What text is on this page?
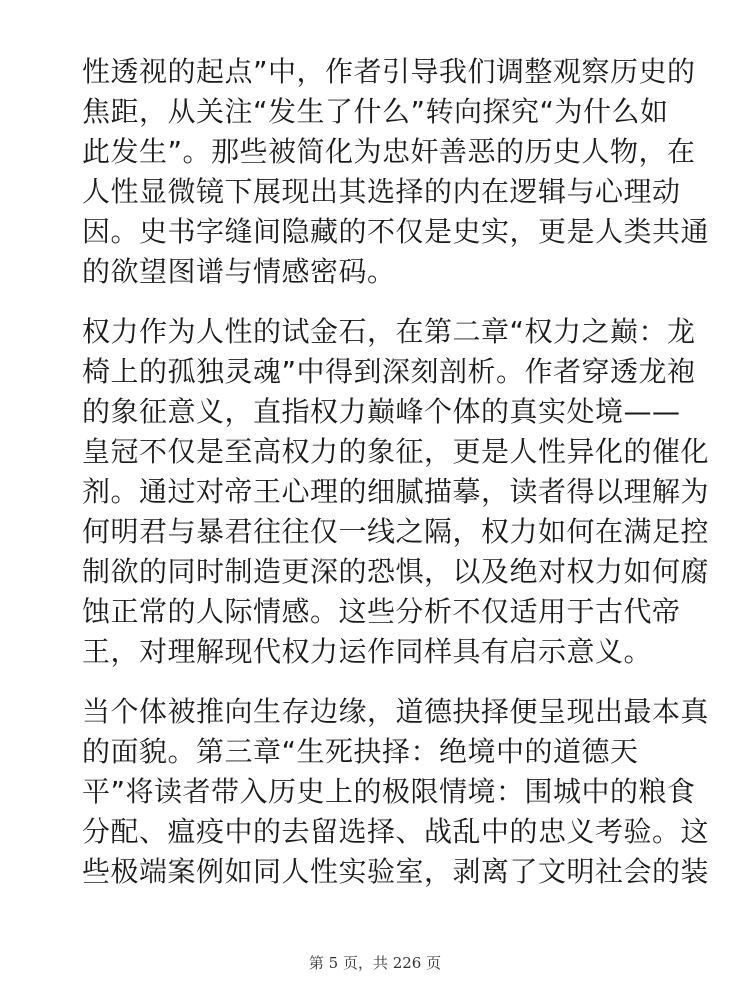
性透视的起点”中，作者引导我们调整观察历史的
焦距，从关注“发生了什么”转向探究“为什么如
此发生”。那些被简化为忠奸善恶的历史人物，在
人性显微镜下展现出其选择的内在逻辑与心理动
因。史书字缝间隐藏的不仅是史实，更是人类共通
的欲望图谱与情感密码。
权力作为人性的试金石，在第二章“权力之巅：龙
椅上的孤独灵魂”中得到深刻剖析。作者穿透龙袍
的象征意义，直指权力巅峰个体的真实处境——
皇冠不仅是至高权力的象征，更是人性异化的催化
剂。通过对帝王心理的细腻描摹，读者得以理解为
何明君与暴君往往仅一线之隔，权力如何在满足控
制欲的同时制造更深的恐惧，以及绝对权力如何腐
蚀正常的人际情感。这些分析不仅适用于古代帝
王，对理解现代权力运作同样具有启示意义。
当个体被推向生存边缘，道德抉择便呈现出最本真
的面貌。第三章“生死抉择：绝境中的道德天
平”将读者带入历史上的极限情境：围城中的粮食
分配、瘟疫中的去留选择、战乱中的忠义考验。这
些极端案例如同人性实验室，剥离了文明社会的装
第 5 页，共 226 页
